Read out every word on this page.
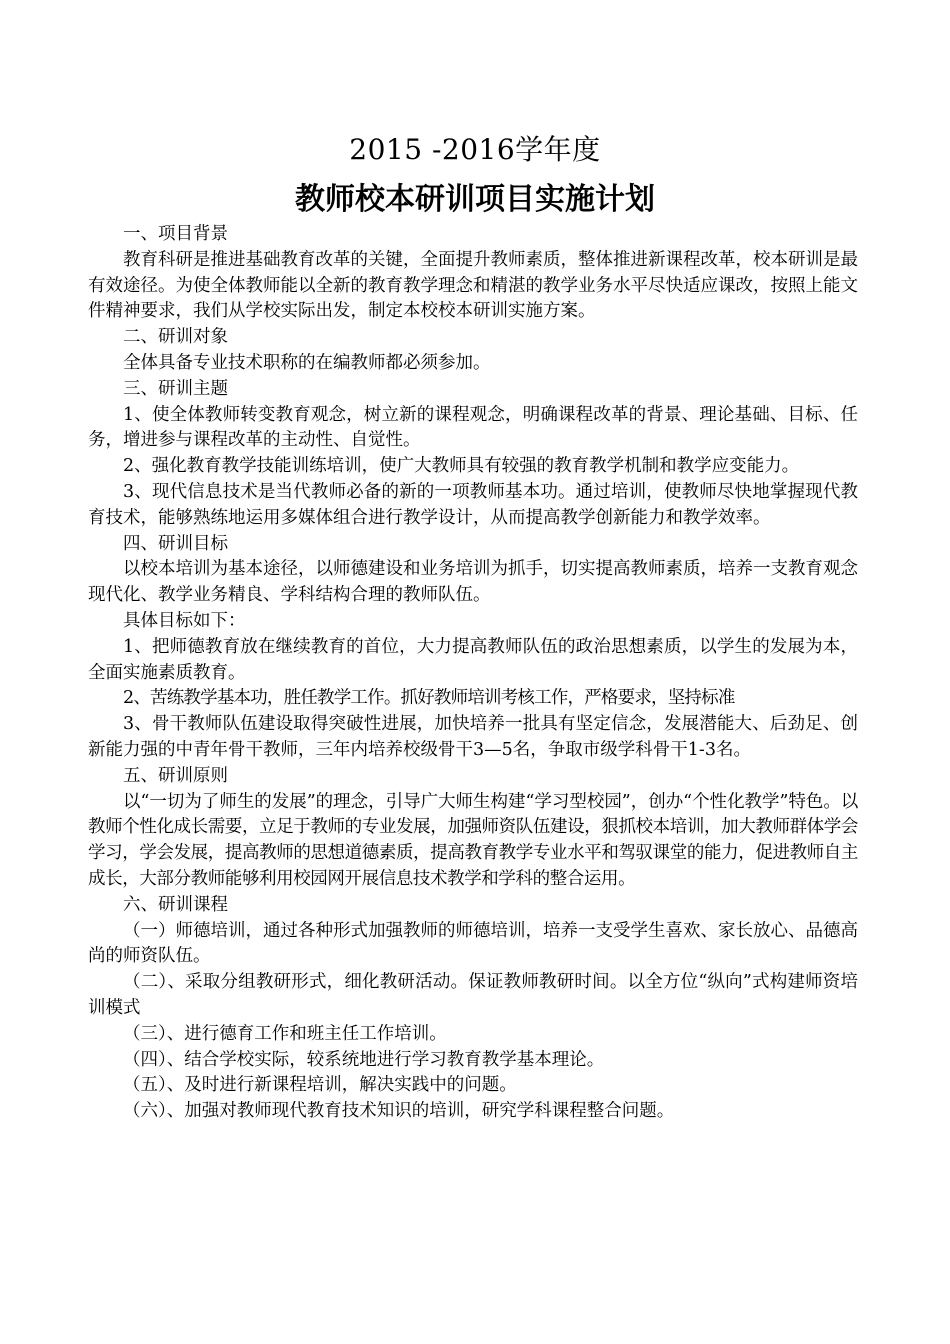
2015 -2016学年度
教师校本研训项目实施计划

一、项目背景

教育科研是推进基础教育改革的关键，全面提升教师素质，整体推进新课程改革，校本研训是最有效途径。为使全体教师能以全新的教育教学理念和精湛的教学业务水平尽快适应课改，按照上能文件精神要求，我们从学校实际出发，制定本校校本研训实施方案。

二、研训对象

全体具备专业技术职称的在编教师都必须参加。

三、研训主题

1、使全体教师转变教育观念，树立新的课程观念，明确课程改革的背景、理论基础、目标、任务，增进参与课程改革的主动性、自觉性。

2、强化教育教学技能训练培训，使广大教师具有较强的教育教学机制和教学应变能力。

3、现代信息技术是当代教师必备的新的一项教师基本功。通过培训，使教师尽快地掌握现代教育技术，能够熟练地运用多媒体组合进行教学设计，从而提高教学创新能力和教学效率。

四、研训目标

以校本培训为基本途径，以师德建设和业务培训为抓手，切实提高教师素质，培养一支教育观念现代化、教学业务精良、学科结构合理的教师队伍。

具体目标如下：

1、把师德教育放在继续教育的首位，大力提高教师队伍的政治思想素质，以学生的发展为本，全面实施素质教育。

2、苦练教学基本功，胜任教学工作。抓好教师培训考核工作，严格要求，坚持标准

3、骨干教师队伍建设取得突破性进展，加快培养一批具有坚定信念，发展潜能大、后劲足、创新能力强的中青年骨干教师，三年内培养校级骨干3—5名，争取市级学科骨干1-3名。

五、研训原则

以“一切为了师生的发展”的理念，引导广大师生构建“学习型校园”，创办“个性化教学”特色。以教师个性化成长需要，立足于教师的专业发展，加强师资队伍建设，狠抓校本培训，加大教师群体学会学习，学会发展，提高教师的思想道德素质，提高教育教学专业水平和驾驭课堂的能力，促进教师自主成长，大部分教师能够利用校园网开展信息技术教学和学科的整合运用。

六、研训课程

（一）师德培训，通过各种形式加强教师的师德培训，培养一支受学生喜欢、家长放心、品德高尚的师资队伍。

（二）、采取分组教研形式，细化教研活动。保证教师教研时间。以全方位“纵向”式构建师资培训模式

（三）、进行德育工作和班主任工作培训。

（四）、结合学校实际，较系统地进行学习教育教学基本理论。

（五）、及时进行新课程培训，解决实践中的问题。

（六）、加强对教师现代教育技术知识的培训，研究学科课程整合问题。
